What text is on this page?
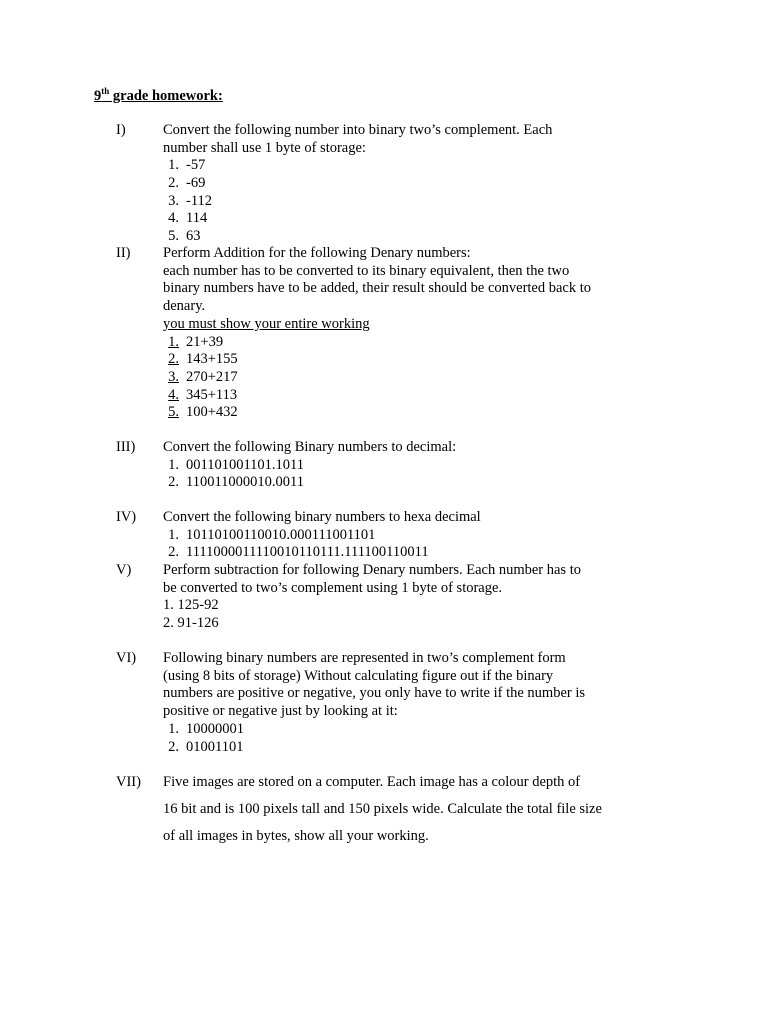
9th grade homework:
I)	Convert the following number into binary two’s complement. Each
number shall use 1 byte of storage:
1. -57
2. -69
3. -112
4. 114
5. 63
II) Perform Addition for the following Denary numbers:
each number has to be converted to its binary equivalent, then the two
binary numbers have to be added, their result should be converted back to
denary.
you must show your entire working
1. 21+39
2. 143+155
3. 270+217
4. 345+113
5. 100+432
III) Convert the following Binary numbers to decimal:
1. 001101001101.1011
2. 110011000010.0011
IV) Convert the following binary numbers to hexa decimal
1. 10110100110010.000111001101
2. 1111000011110010110111.111100110011
V) Perform subtraction for following Denary numbers. Each number has to
be converted to two’s complement using 1 byte of storage.
1. 125-92
2. 91-126
VI) Following binary numbers are represented in two’s complement form
(using 8 bits of storage) Without calculating figure out if the binary
numbers are positive or negative, you only have to write if the number is
positive or negative just by looking at it:
1. 10000001
2. 01001101
VII) Five images are stored on a computer. Each image has a colour depth of
16 bit and is 100 pixels tall and 150 pixels wide. Calculate the total file size
of all images in bytes, show all your working.
